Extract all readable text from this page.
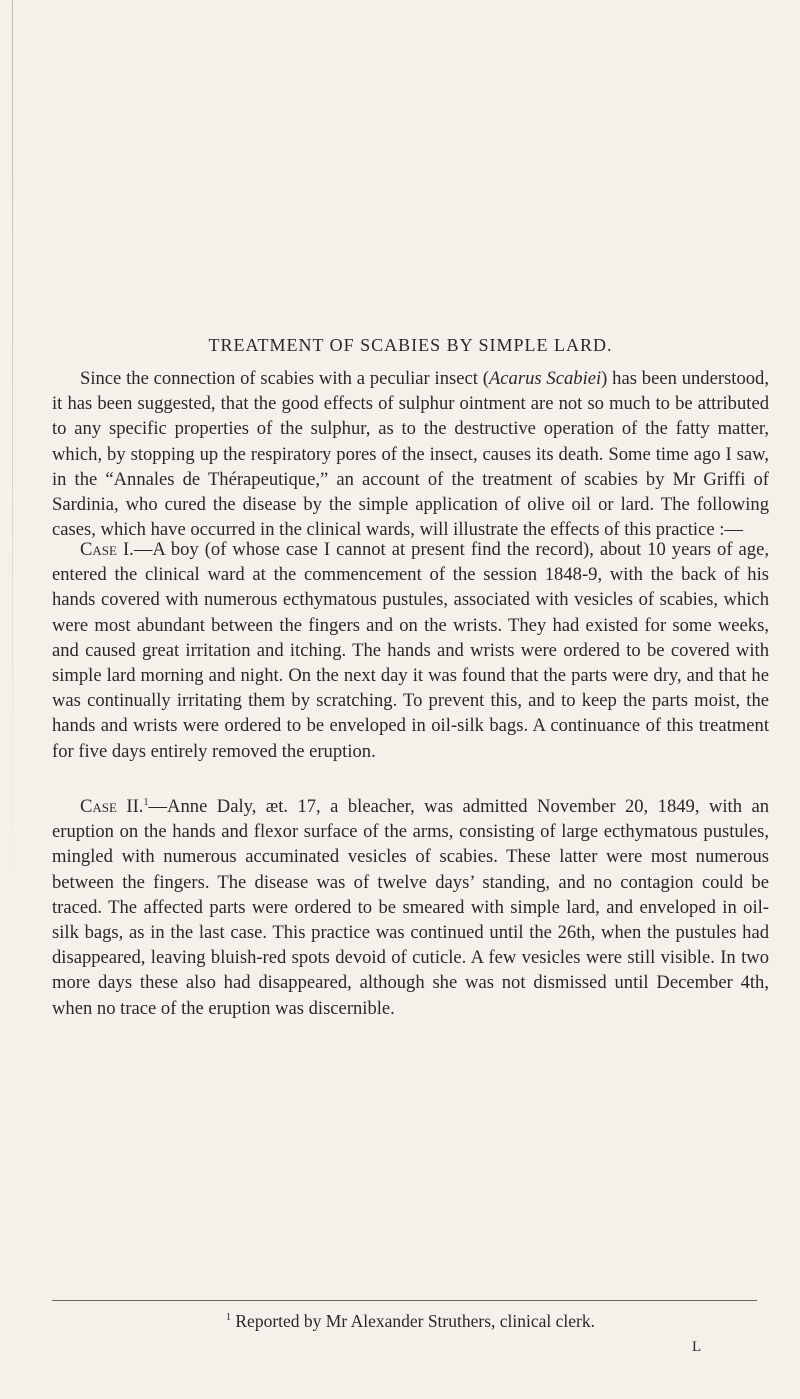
TREATMENT OF SCABIES BY SIMPLE LARD.

Since the connection of scabies with a peculiar insect (Acarus Scabiei) has been understood, it has been suggested, that the good effects of sulphur ointment are not so much to be attributed to any specific properties of the sulphur, as to the destructive operation of the fatty matter, which, by stopping up the respiratory pores of the insect, causes its death. Some time ago I saw, in the “Annales de Thérapeutique,” an account of the treatment of scabies by Mr Griffi of Sardinia, who cured the disease by the simple application of olive oil or lard. The following cases, which have occurred in the clinical wards, will illustrate the effects of this practice :—

Case I.—A boy (of whose case I cannot at present find the record), about 10 years of age, entered the clinical ward at the commencement of the session 1848-9, with the back of his hands covered with numerous ecthymatous pustules, associated with vesicles of scabies, which were most abundant between the fingers and on the wrists. They had existed for some weeks, and caused great irritation and itching. The hands and wrists were ordered to be covered with simple lard morning and night. On the next day it was found that the parts were dry, and that he was continually irritating them by scratching. To prevent this, and to keep the parts moist, the hands and wrists were ordered to be enveloped in oil-silk bags. A continuance of this treatment for five days entirely removed the eruption.

Case II.$^1$—Anne Daly, æt. 17, a bleacher, was admitted November 20, 1849, with an eruption on the hands and flexor surface of the arms, consisting of large ecthymatous pustules, mingled with numerous accuminated vesicles of scabies. These latter were most numerous between the fingers. The disease was of twelve days’ standing, and no contagion could be traced. The affected parts were ordered to be smeared with simple lard, and enveloped in oil-silk bags, as in the last case. This practice was continued until the 26th, when the pustules had disappeared, leaving bluish-red spots devoid of cuticle. A few vesicles were still visible. In two more days these also had disappeared, although she was not dismissed until December 4th, when no trace of the eruption was discernible.

$^1$ Reported by Mr Alexander Struthers, clinical clerk.

L
